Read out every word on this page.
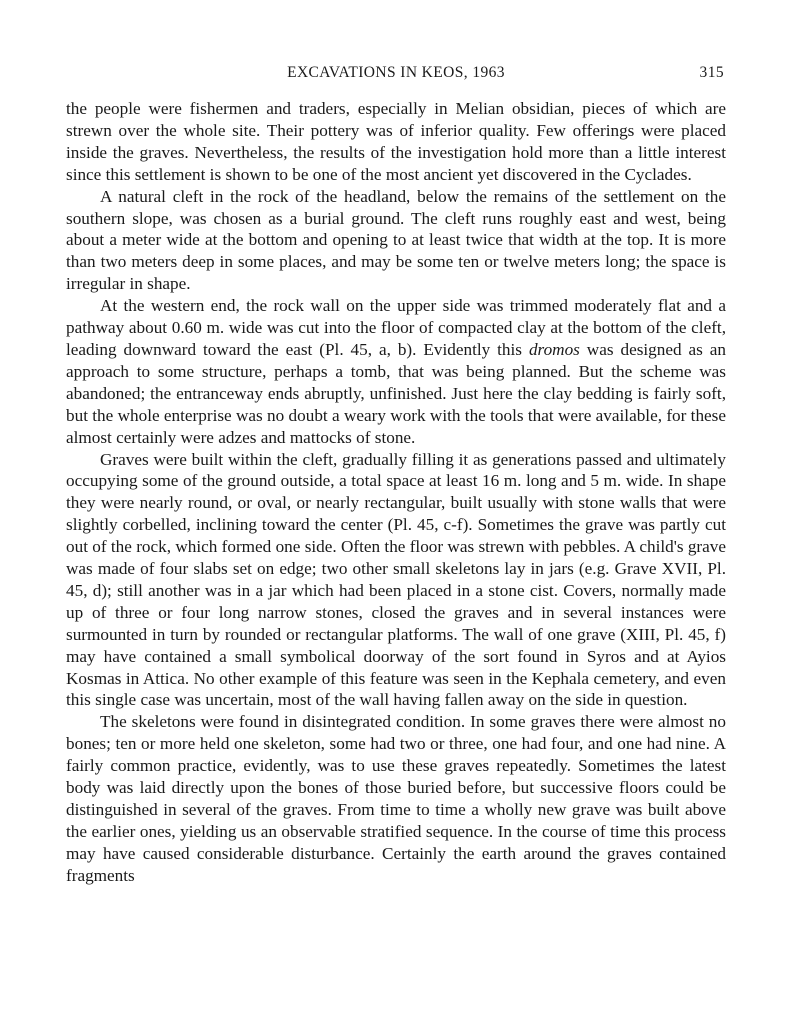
EXCAVATIONS IN KEOS, 1963	315

the people were fishermen and traders, especially in Melian obsidian, pieces of which are strewn over the whole site. Their pottery was of inferior quality. Few offerings were placed inside the graves. Nevertheless, the results of the investigation hold more than a little interest since this settlement is shown to be one of the most ancient yet discovered in the Cyclades.

A natural cleft in the rock of the headland, below the remains of the settlement on the southern slope, was chosen as a burial ground. The cleft runs roughly east and west, being about a meter wide at the bottom and opening to at least twice that width at the top. It is more than two meters deep in some places, and may be some ten or twelve meters long; the space is irregular in shape.

At the western end, the rock wall on the upper side was trimmed moderately flat and a pathway about 0.60 m. wide was cut into the floor of compacted clay at the bottom of the cleft, leading downward toward the east (Pl. 45, a, b). Evidently this dromos was designed as an approach to some structure, perhaps a tomb, that was being planned. But the scheme was abandoned; the entranceway ends abruptly, unfinished. Just here the clay bedding is fairly soft, but the whole enterprise was no doubt a weary work with the tools that were available, for these almost certainly were adzes and mattocks of stone.

Graves were built within the cleft, gradually filling it as generations passed and ultimately occupying some of the ground outside, a total space at least 16 m. long and 5 m. wide. In shape they were nearly round, or oval, or nearly rectangular, built usually with stone walls that were slightly corbelled, inclining toward the center (Pl. 45, c-f). Sometimes the grave was partly cut out of the rock, which formed one side. Often the floor was strewn with pebbles. A child's grave was made of four slabs set on edge; two other small skeletons lay in jars (e.g. Grave XVII, Pl. 45, d); still another was in a jar which had been placed in a stone cist. Covers, normally made up of three or four long narrow stones, closed the graves and in several instances were surmounted in turn by rounded or rectangular platforms. The wall of one grave (XIII, Pl. 45, f) may have contained a small symbolical doorway of the sort found in Syros and at Ayios Kosmas in Attica. No other example of this feature was seen in the Kephala cemetery, and even this single case was uncertain, most of the wall having fallen away on the side in question.

The skeletons were found in disintegrated condition. In some graves there were almost no bones; ten or more held one skeleton, some had two or three, one had four, and one had nine. A fairly common practice, evidently, was to use these graves repeatedly. Sometimes the latest body was laid directly upon the bones of those buried before, but successive floors could be distinguished in several of the graves. From time to time a wholly new grave was built above the earlier ones, yielding us an observable stratified sequence. In the course of time this process may have caused considerable disturbance. Certainly the earth around the graves contained fragments
